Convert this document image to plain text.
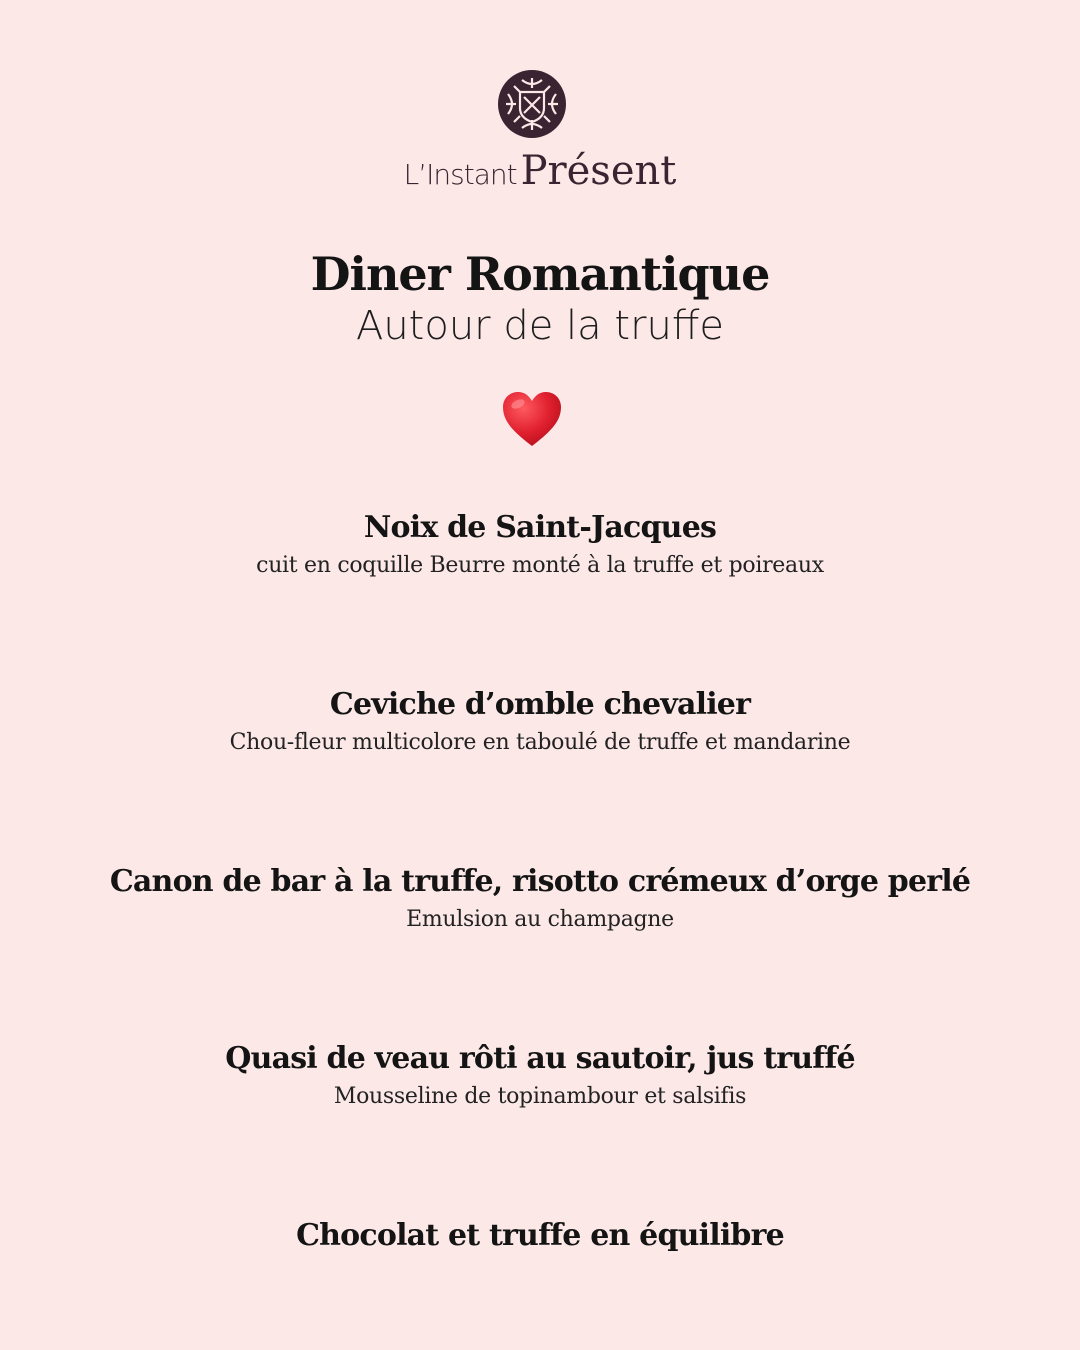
L’Instant Présent
Diner Romantique
Autour de la truffe

Noix de Saint-Jacques

cuit en coquille Beurre monté à la truffe et poireaux

Ceviche d’omble chevalier

Chou-fleur multicolore en taboulé de truffe et mandarine

Canon de bar à la truffe, risotto crémeux d’orge perlé

Emulsion au champagne

Quasi de veau rôti au sautoir, jus truffé

Mousseline de topinambour et salsifis

Chocolat et truffe en équilibre
